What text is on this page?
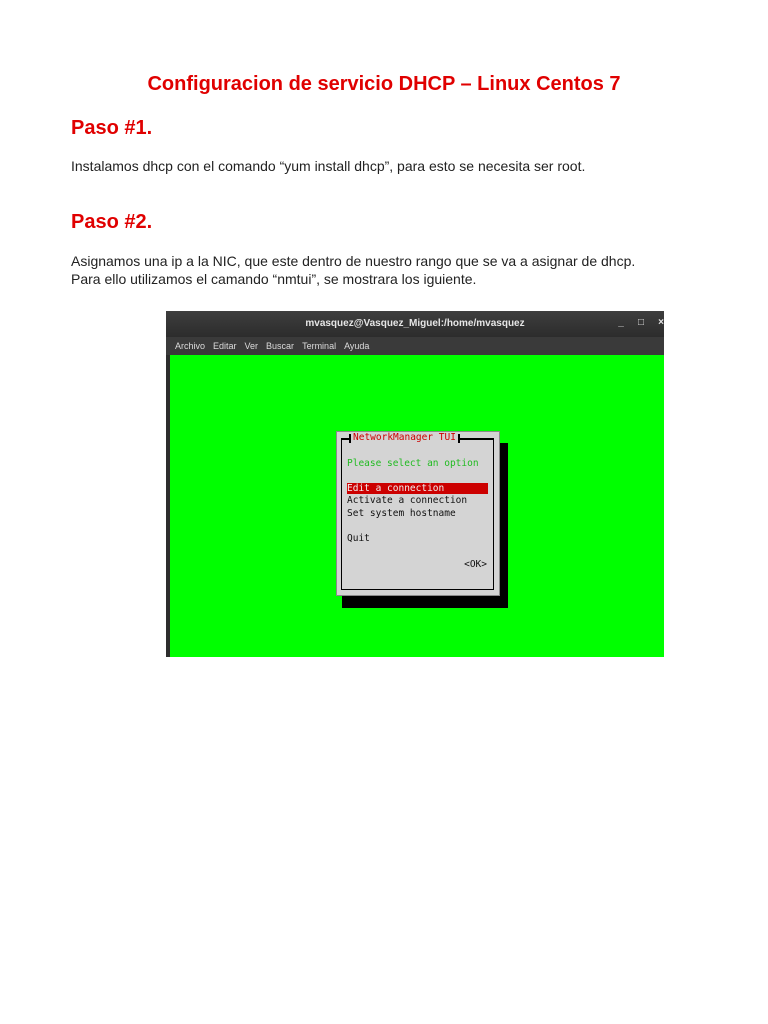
Configuracion de servicio DHCP – Linux Centos 7
Paso #1.
Instalamos dhcp con el comando “yum install dhcp”, para esto se necesita ser root.
Paso #2.
Asignamos una ip a la NIC, que este dentro de nuestro rango que se va a asignar de dhcp.
Para ello utilizamos el camando “nmtui”, se mostrara los iguiente.
mvasquez@Vasquez_Miguel:/home/mvasquez	_	□	×
Archivo Editar Ver Buscar Terminal Ayuda
NetworkManager TUI
Please select an option
Edit a connection
Activate a connection
Set system hostname
Quit
<OK>
